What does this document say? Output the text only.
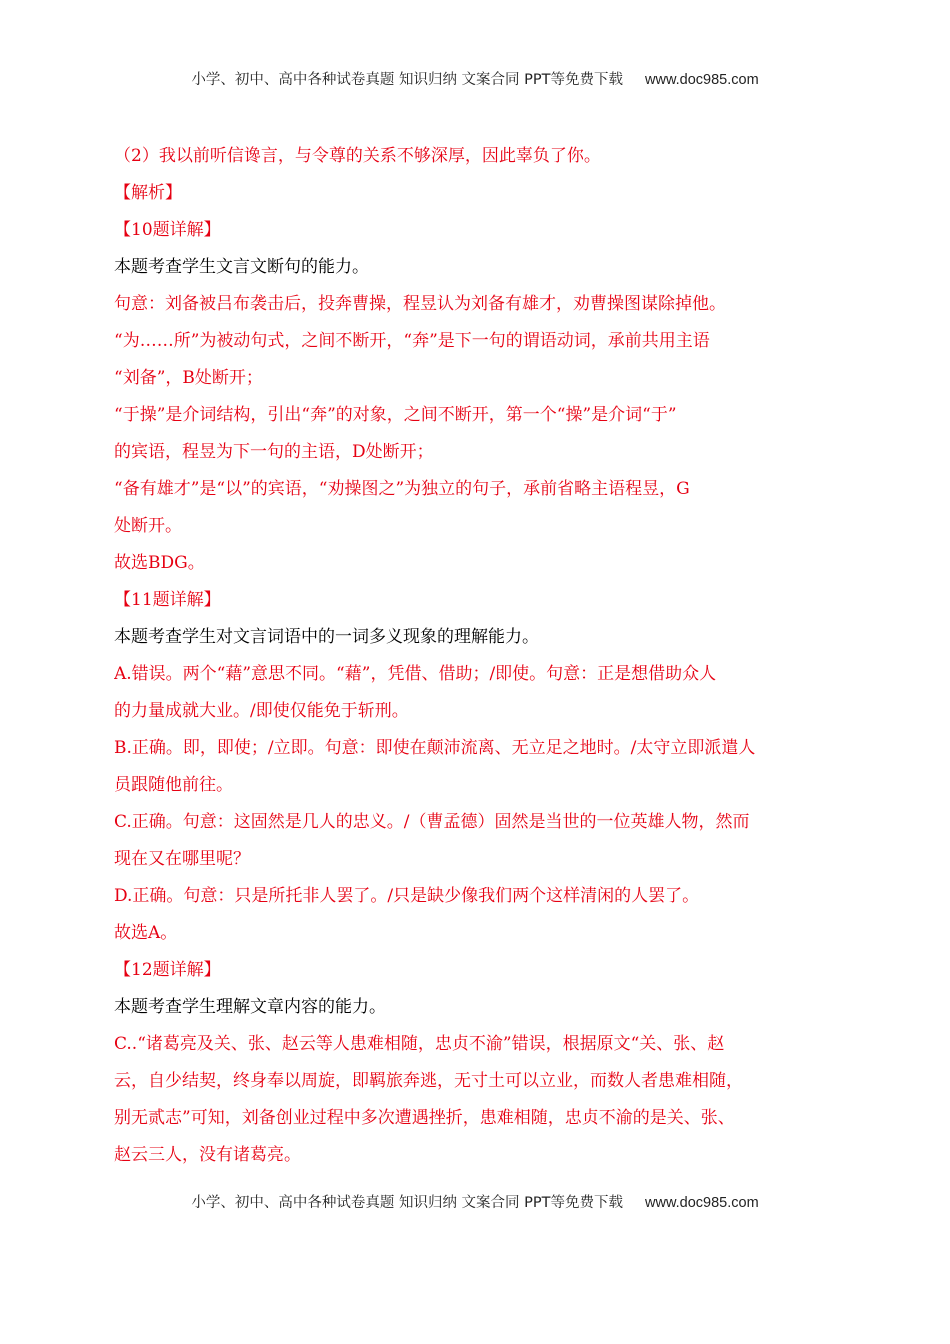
小学、初中、高中各种试卷真题 知识归纳 文案合同 PPT等免费下载 www.doc985.com
（2）我以前听信谗言，与令尊的关系不够深厚，因此辜负了你。
【解析】
【10题详解】
本题考查学生文言文断句的能力。
句意：刘备被吕布袭击后，投奔曹操，程昱认为刘备有雄才，劝曹操图谋除掉他。
“为……所”为被动句式，之间不断开，“奔”是下一句的谓语动词，承前共用主语
“刘备”，B处断开；
“于操”是介词结构，引出“奔”的对象，之间不断开，第一个“操”是介词“于”
的宾语，程昱为下一句的主语，D处断开；
“备有雄才”是“以”的宾语，“劝操图之”为独立的句子，承前省略主语程昱，G
处断开。
故选BDG。
【11题详解】
本题考查学生对文言词语中的一词多义现象的理解能力。
A.错误。两个“藉”意思不同。“藉”，凭借、借助；/即使。句意：正是想借助众人
的力量成就大业。/即使仅能免于斩刑。
B.正确。即，即使；/立即。句意：即使在颠沛流离、无立足之地时。/太守立即派遣人
员跟随他前往。
C.正确。句意：这固然是几人的忠义。/（曹孟德）固然是当世的一位英雄人物，然而
现在又在哪里呢？
D.正确。句意：只是所托非人罢了。/只是缺少像我们两个这样清闲的人罢了。
故选A。
【12题详解】
本题考查学生理解文章内容的能力。
C..“诸葛亮及关、张、赵云等人患难相随，忠贞不渝”错误，根据原文“关、张、赵
云，自少结契，终身奉以周旋，即羁旅奔逃，无寸土可以立业，而数人者患难相随，
别无贰志”可知，刘备创业过程中多次遭遇挫折，患难相随，忠贞不渝的是关、张、
赵云三人，没有诸葛亮。
小学、初中、高中各种试卷真题 知识归纳 文案合同 PPT等免费下载 www.doc985.com
